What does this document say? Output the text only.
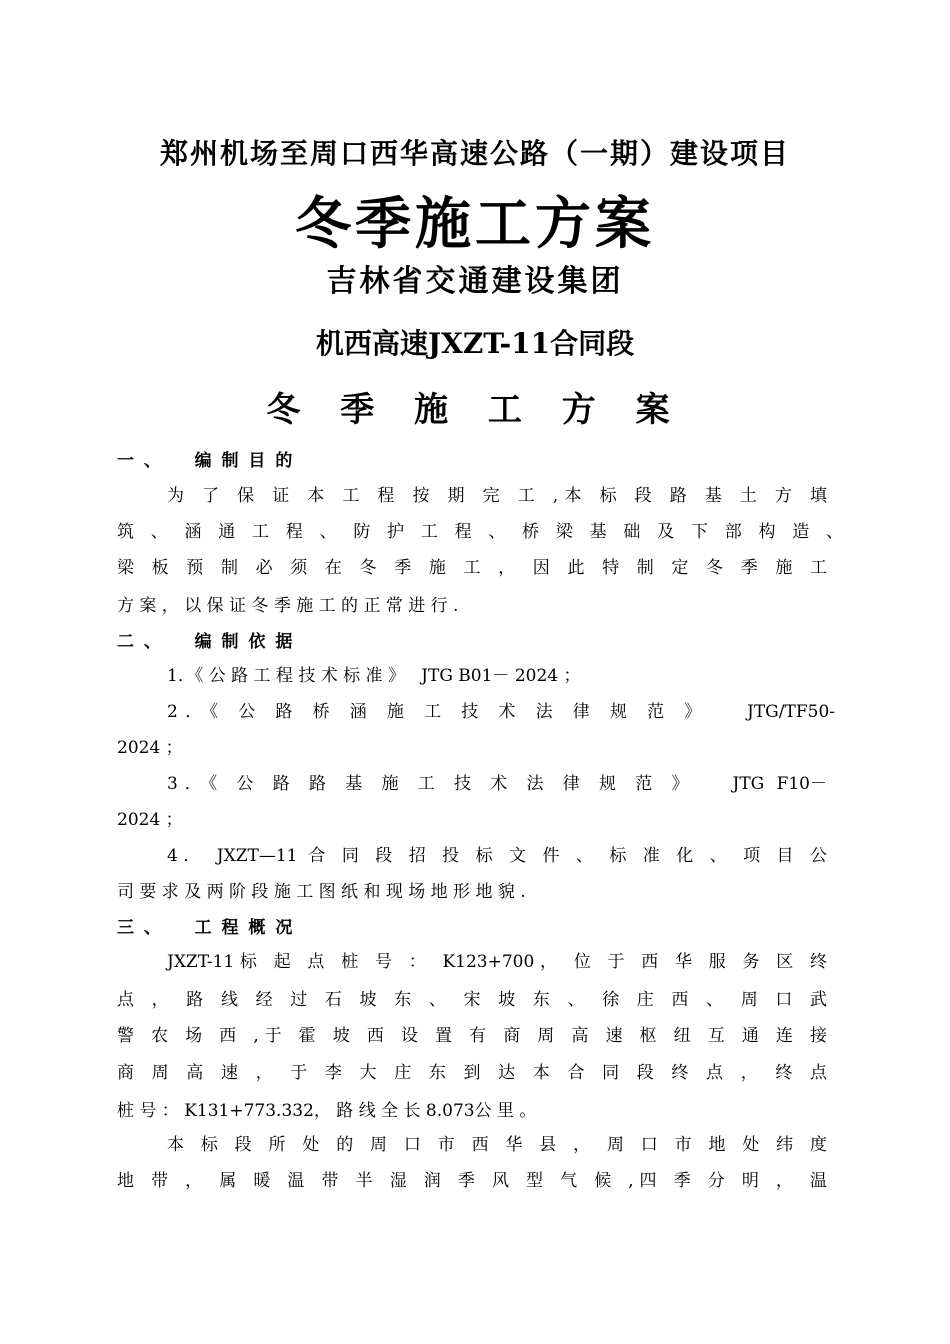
郑州机场至周口西华高速公路（一期）建设项目
冬季施工方案
吉林省交通建设集团
机西高速JXZT-11合同段
冬 季 施 工 方 案
一 、    编 制 目 的
为 了 保 证 本 工 程 按 期 完 工 ,本 标 段 路 基 土 方 填
筑 、 涵 通 工 程 、 防 护 工 程 、 桥 梁 基 础 及 下 部 构 造 、
梁 板 预 制 必 须 在 冬 季 施 工 ， 因 此 特 制 定 冬 季 施 工
方 案 ， 以 保 证 冬 季 施 工 的 正 常 进 行 .
二 、    编 制 依 据
1．《 公 路 工 程 技 术 标 准 》   JTG B01－ 2024 ；
2．《 公 路 桥 涵 施 工 技 术 法 律 规 范 》   JTG/TF50-
2024 ；
3．《 公 路 路 基 施 工 技 术 法 律 规 范 》   JTG F10－
2024 ；
4． JXZT—11 合 同 段 招 投 标 文 件 、 标 准 化 、 项 目 公
司 要 求 及 两 阶 段 施 工 图 纸 和 现 场 地 形 地 貌 .
三 、    工 程 概 况
JXZT-11标 起 点 桩 号 ： K123+700， 位 于 西 华 服 务 区 终
点 ， 路 线 经 过 石 坡 东 、 宋 坡 东 、 徐 庄 西 、 周 口 武
警 农 场 西 ,于 霍 坡 西 设 置 有 商 周 高 速 枢 纽 互 通 连 接
商 周 高 速 ， 于 李 大 庄 东 到 达 本 合 同 段 终 点 ， 终 点
桩 号 ： K131+773.332， 路 线 全 长 8.073公 里 。
本 标 段 所 处 的 周 口 市 西 华 县 ， 周 口 市 地 处 纬 度
地 带 ， 属 暖 温 带 半 湿 润 季 风 型 气 候 ,四 季 分 明 ， 温
